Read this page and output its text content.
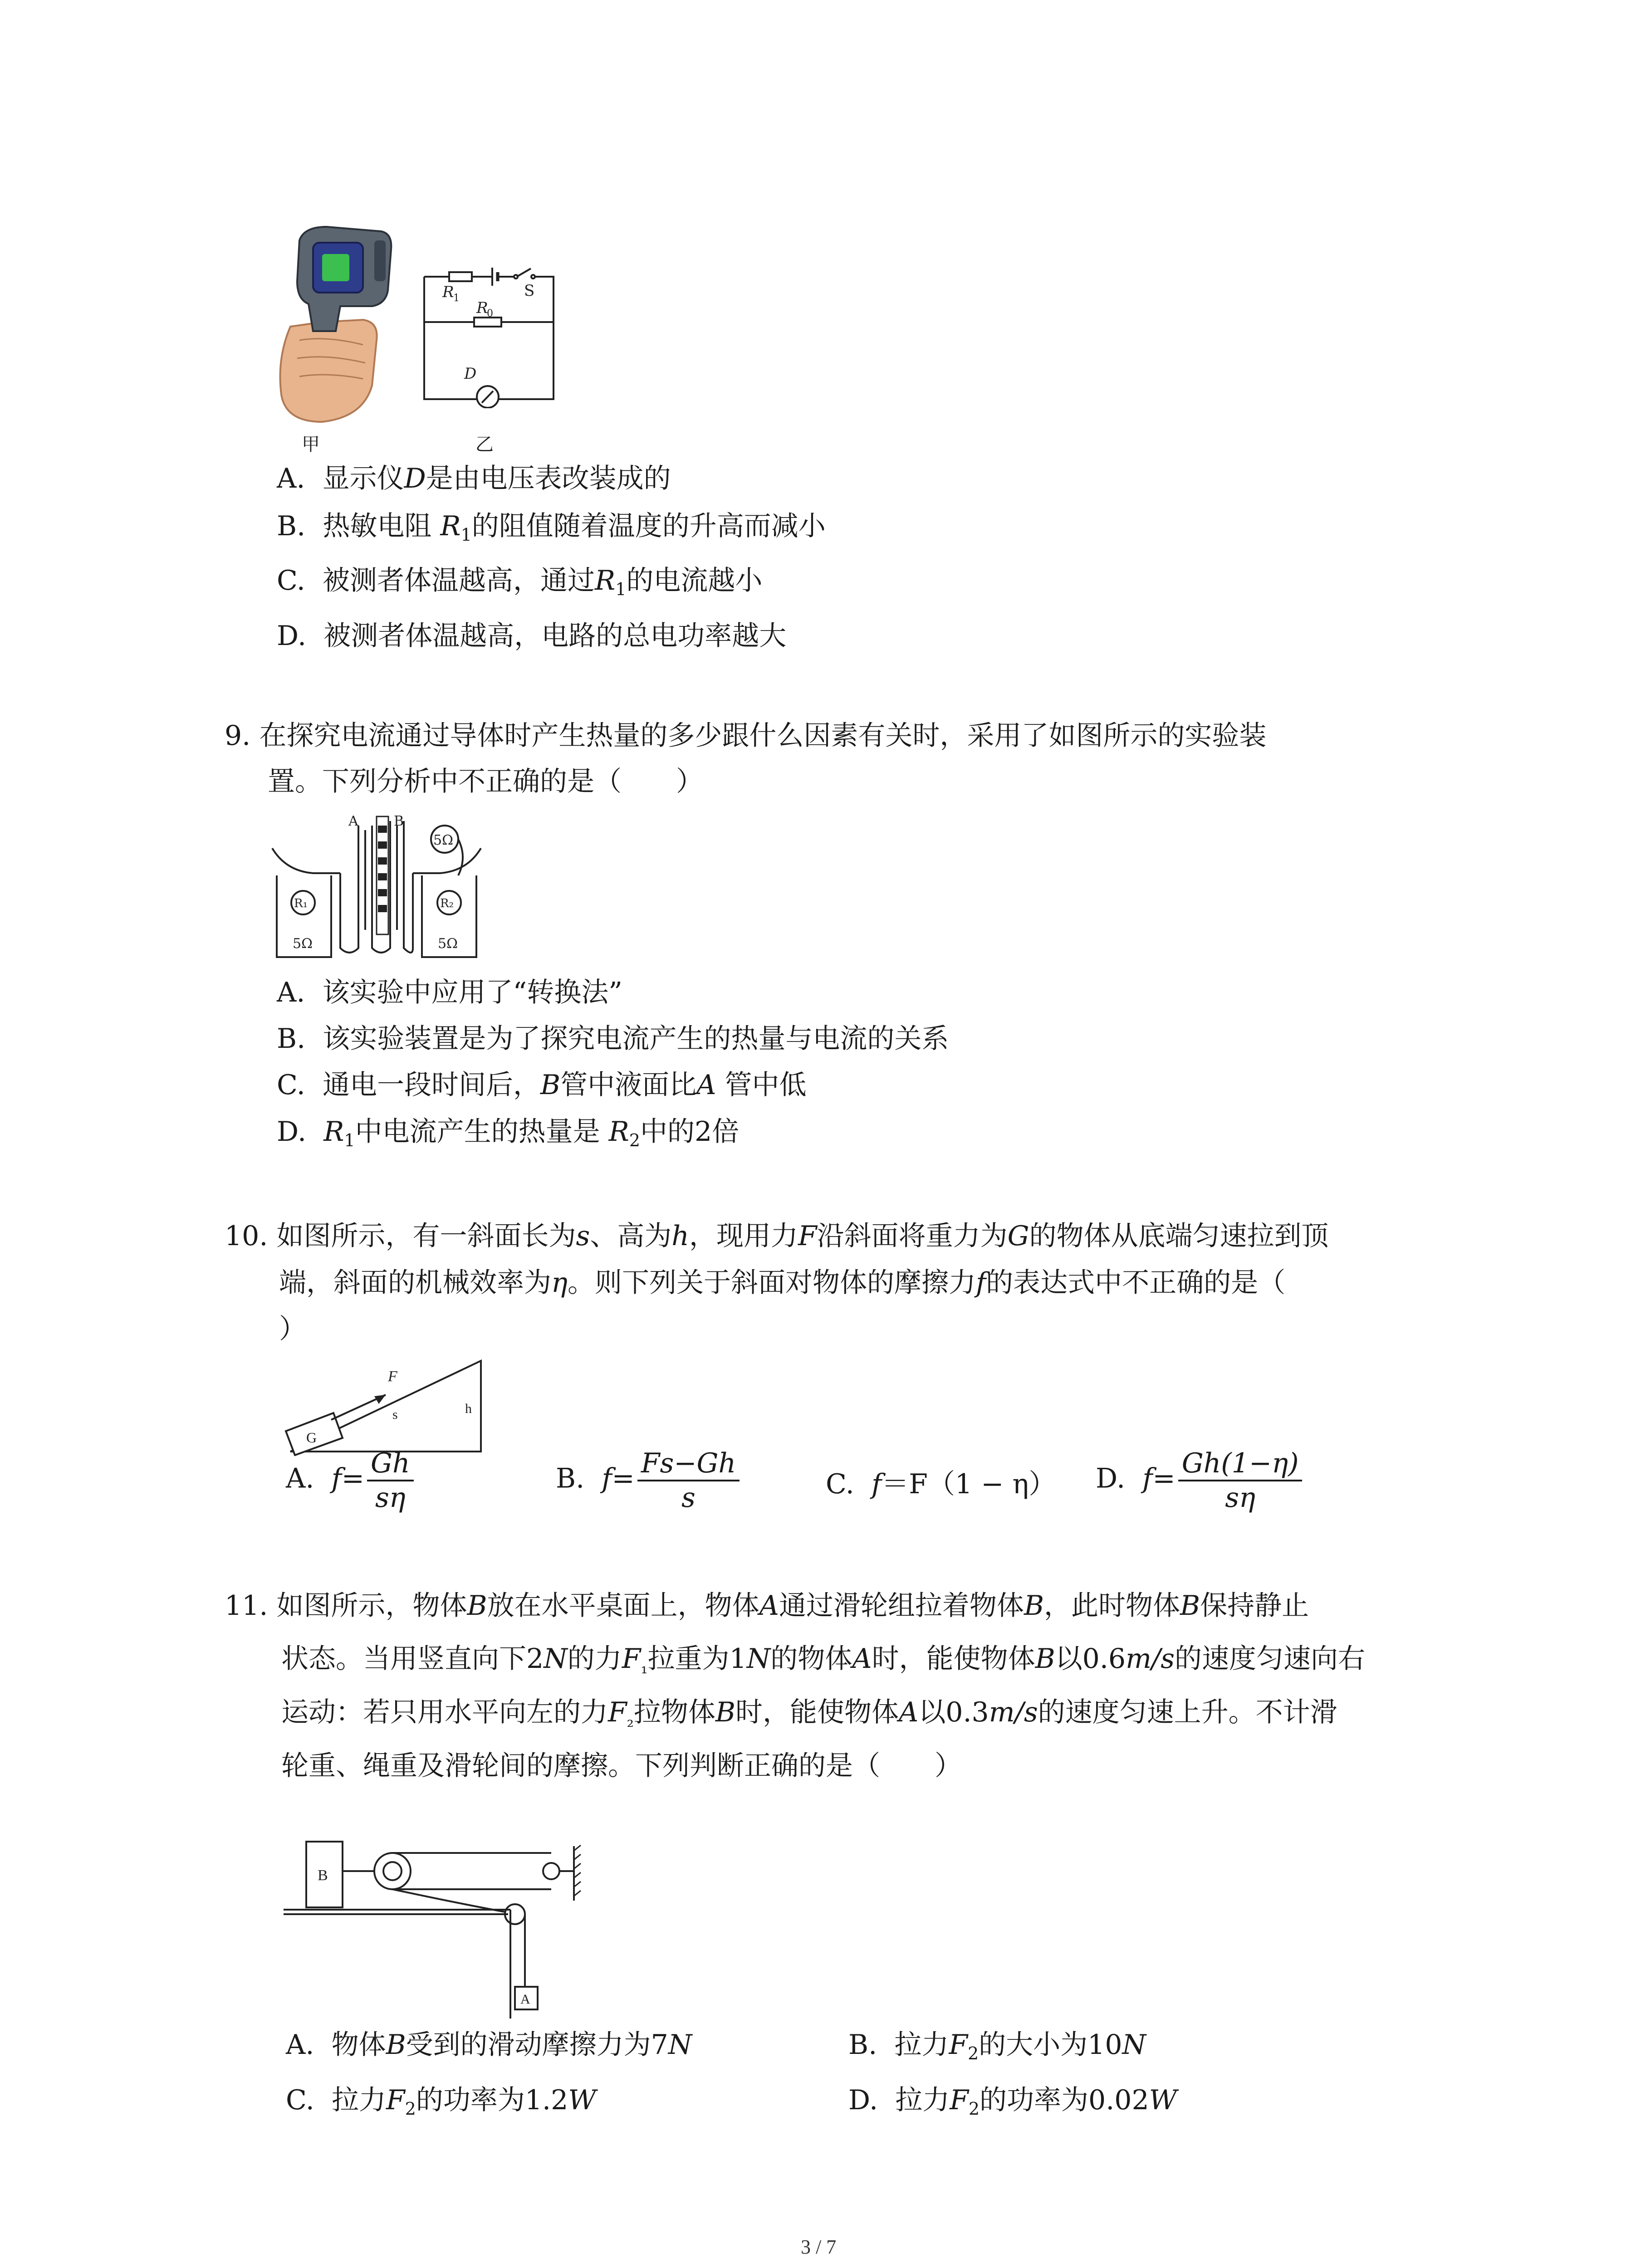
甲
R
1	S
R
0
D
乙
A. 显示仪D是由电压表改装成的
B. 热敏电阻 $R_1$的阻值随着温度的升高而减小
C. 被测者体温越高，通过$R_1$的电流越小
D. 被测者体温越高，电路的总电功率越大
9. 在探究电流通过导体时产生热量的多少跟什么因素有关时，采用了如图所示的实验装
置。下列分析中不正确的是（　　）
A	B
5Ω
R₁	R₂
5Ω	5Ω
A. 该实验中应用了“转换法”
B. 该实验装置是为了探究电流产生的热量与电流的关系
C. 通电一段时间后，B管中液面比A 管中低
D. $R_1$中电流产生的热量是 $R_2$中的2倍
10. 如图所示，有一斜面长为s、高为h，现用力F沿斜面将重力为G的物体从底端匀速拉到顶
端，斜面的机械效率为η。则下列关于斜面对物体的摩擦力f的表达式中不正确的是（
）
G
F
s	h
A. $f= \frac{Gh}{s\eta}$	B. $f= \frac{Fs-Gh}{s}$	C. f＝F（1 − η） D. $f= \frac{Gh(1-\eta)}{s\eta}$
11. 如图所示，物体B放在水平桌面上，物体A通过滑轮组拉着物体B，此时物体B保持静止
状态。当用竖直向下2N的力$F_{_1}$拉重为1N的物体A时，能使物体B以0.6m/s的速度匀速向右
运动：若只用水平向左的力$F_{_2}$拉物体B时，能使物体A以0.3m/s的速度匀速上升。不计滑
轮重、绳重及滑轮间的摩擦。下列判断正确的是（　　）
B
A
A. 物体B受到的滑动摩擦力为7N	B. 拉力$F_2$的大小为10N
C. 拉力$F_2$的功率为1.2W	D. 拉力$F_2$的功率为0.02W
3 / 7
